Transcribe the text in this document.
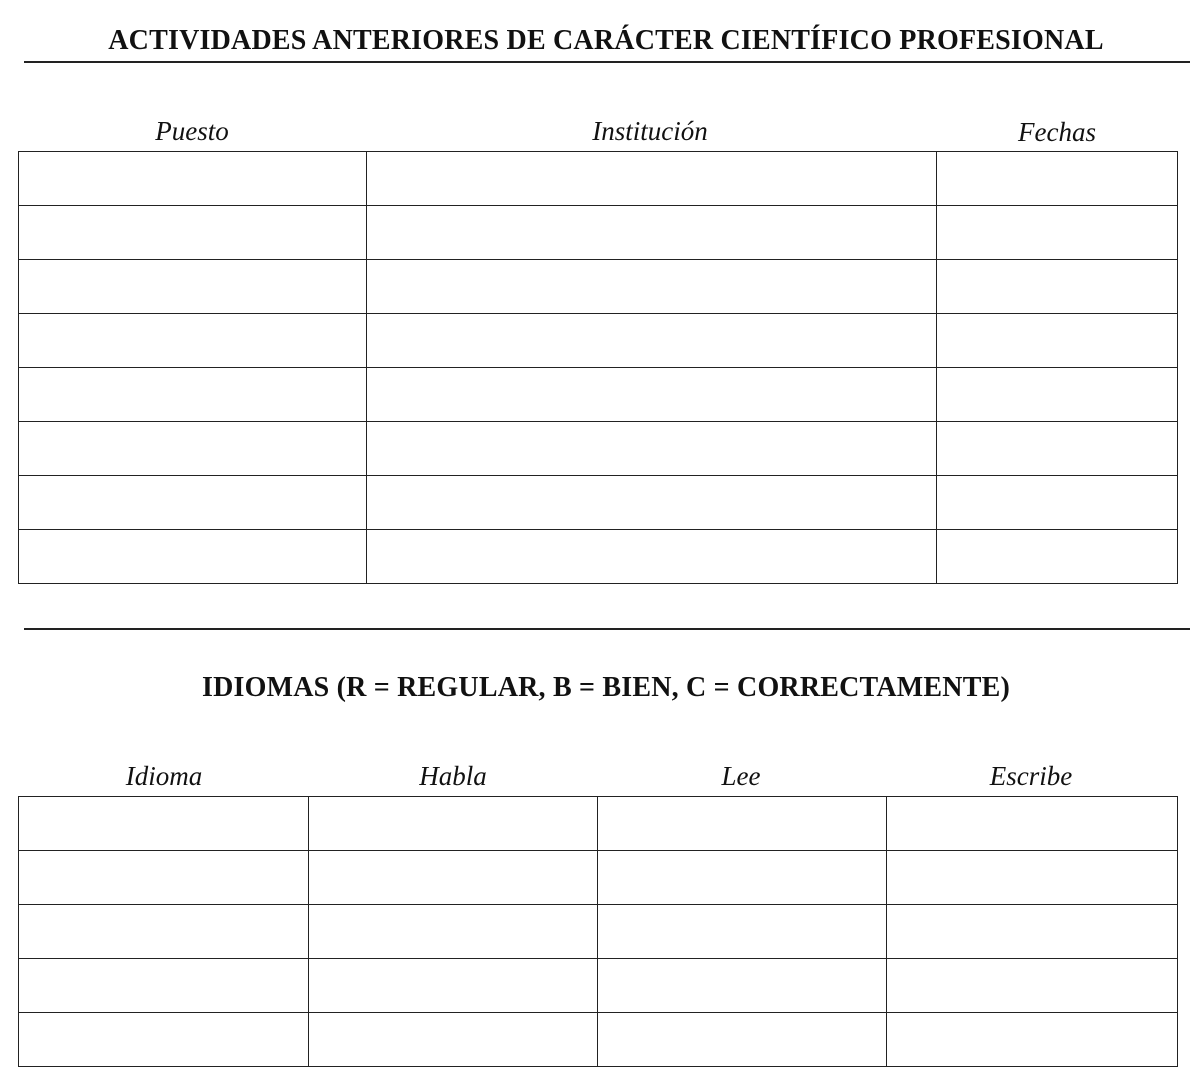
ACTIVIDADES ANTERIORES DE CARÁCTER CIENTÍFICO PROFESIONAL
Puesto	Institución	Fechas

IDIOMAS (R = REGULAR, B = BIEN, C = CORRECTAMENTE)
Idioma	Habla	Lee	Escribe
